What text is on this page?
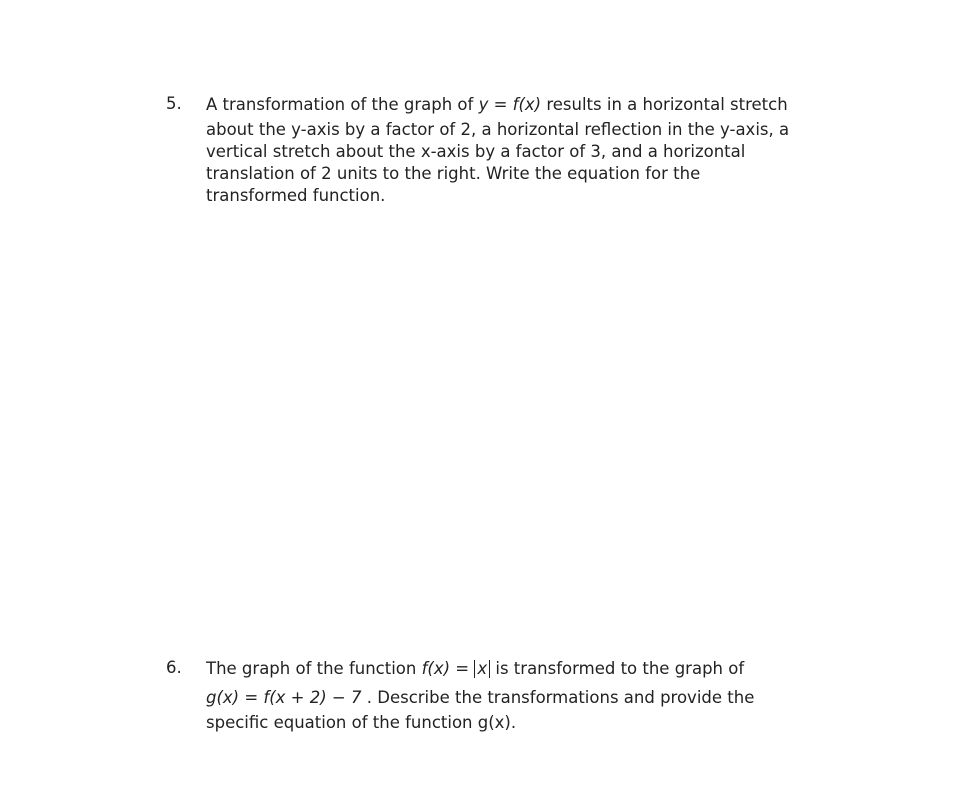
5.	A transformation of the graph of y = f(x) results in a horizontal stretch
about the y-axis by a factor of 2, a horizontal reflection in the y-axis, a
vertical stretch about the x-axis by a factor of 3, and a horizontal
translation of 2 units to the right. Write the equation for the
transformed function.
6.	The graph of the function f(x) = x is transformed to the graph of
g(x) = f(x + 2) − 7 . Describe the transformations and provide the
specific equation of the function g(x).
